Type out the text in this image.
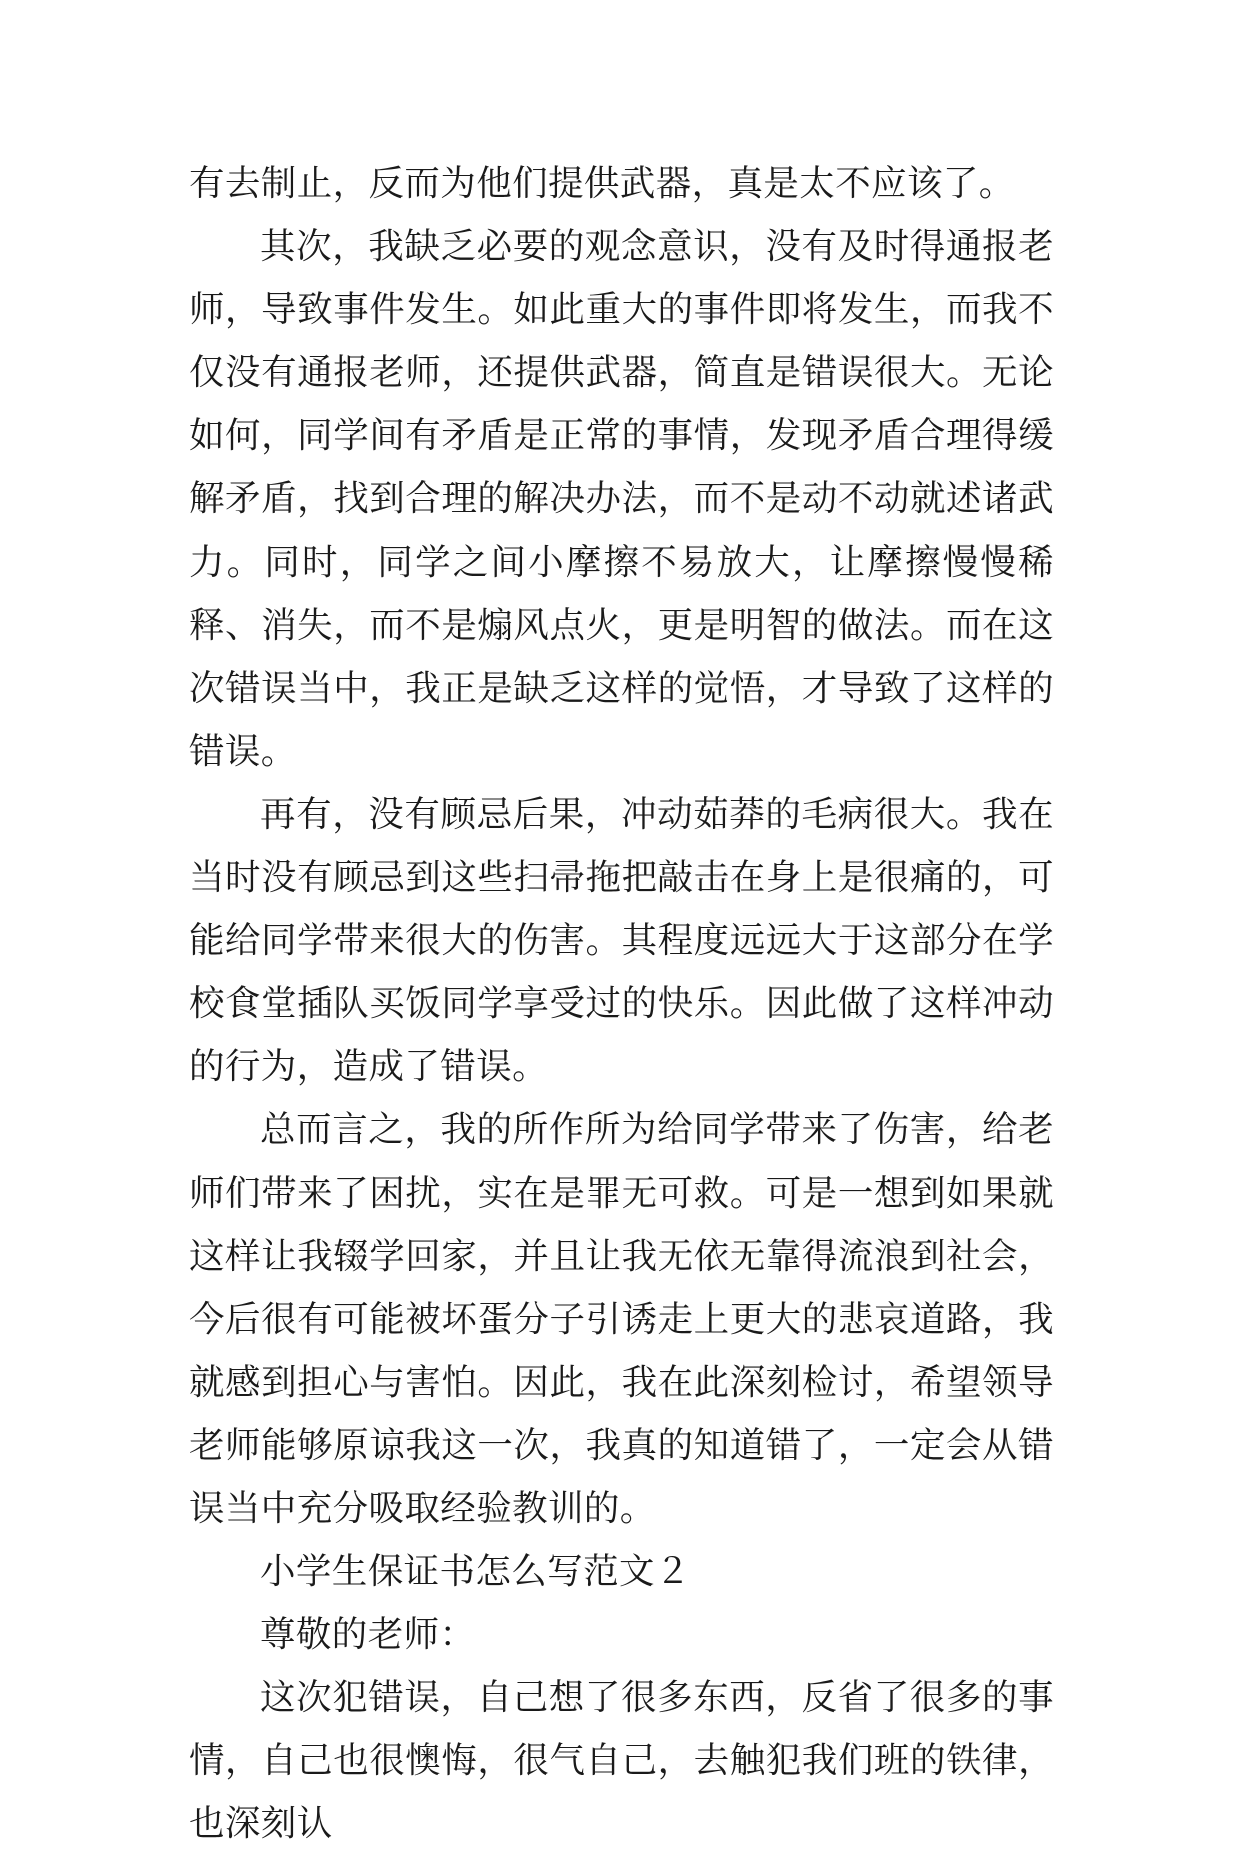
有去制止，反而为他们提供武器，真是太不应该了。

其次，我缺乏必要的观念意识，没有及时得通报老师，导致事件发生。如此重大的事件即将发生，而我不仅没有通报老师，还提供武器，简直是错误很大。无论如何，同学间有矛盾是正常的事情，发现矛盾合理得缓解矛盾，找到合理的解决办法，而不是动不动就述诸武力。同时，同学之间小摩擦不易放大，让摩擦慢慢稀释、消失，而不是煽风点火，更是明智的做法。而在这次错误当中，我正是缺乏这样的觉悟，才导致了这样的错误。

再有，没有顾忌后果，冲动茹莽的毛病很大。我在当时没有顾忌到这些扫帚拖把敲击在身上是很痛的，可能给同学带来很大的伤害。其程度远远大于这部分在学校食堂插队买饭同学享受过的快乐。因此做了这样冲动的行为，造成了错误。

总而言之，我的所作所为给同学带来了伤害，给老师们带来了困扰，实在是罪无可救。可是一想到如果就这样让我辍学回家，并且让我无依无靠得流浪到社会，今后很有可能被坏蛋分子引诱走上更大的悲哀道路，我就感到担心与害怕。因此，我在此深刻检讨，希望领导老师能够原谅我这一次，我真的知道错了，一定会从错误当中充分吸取经验教训的。

小学生保证书怎么写范文２

尊敬的老师：

这次犯错误，自己想了很多东西，反省了很多的事情，自己也很懊悔，很气自己，去触犯我们班的铁律，也深刻认
